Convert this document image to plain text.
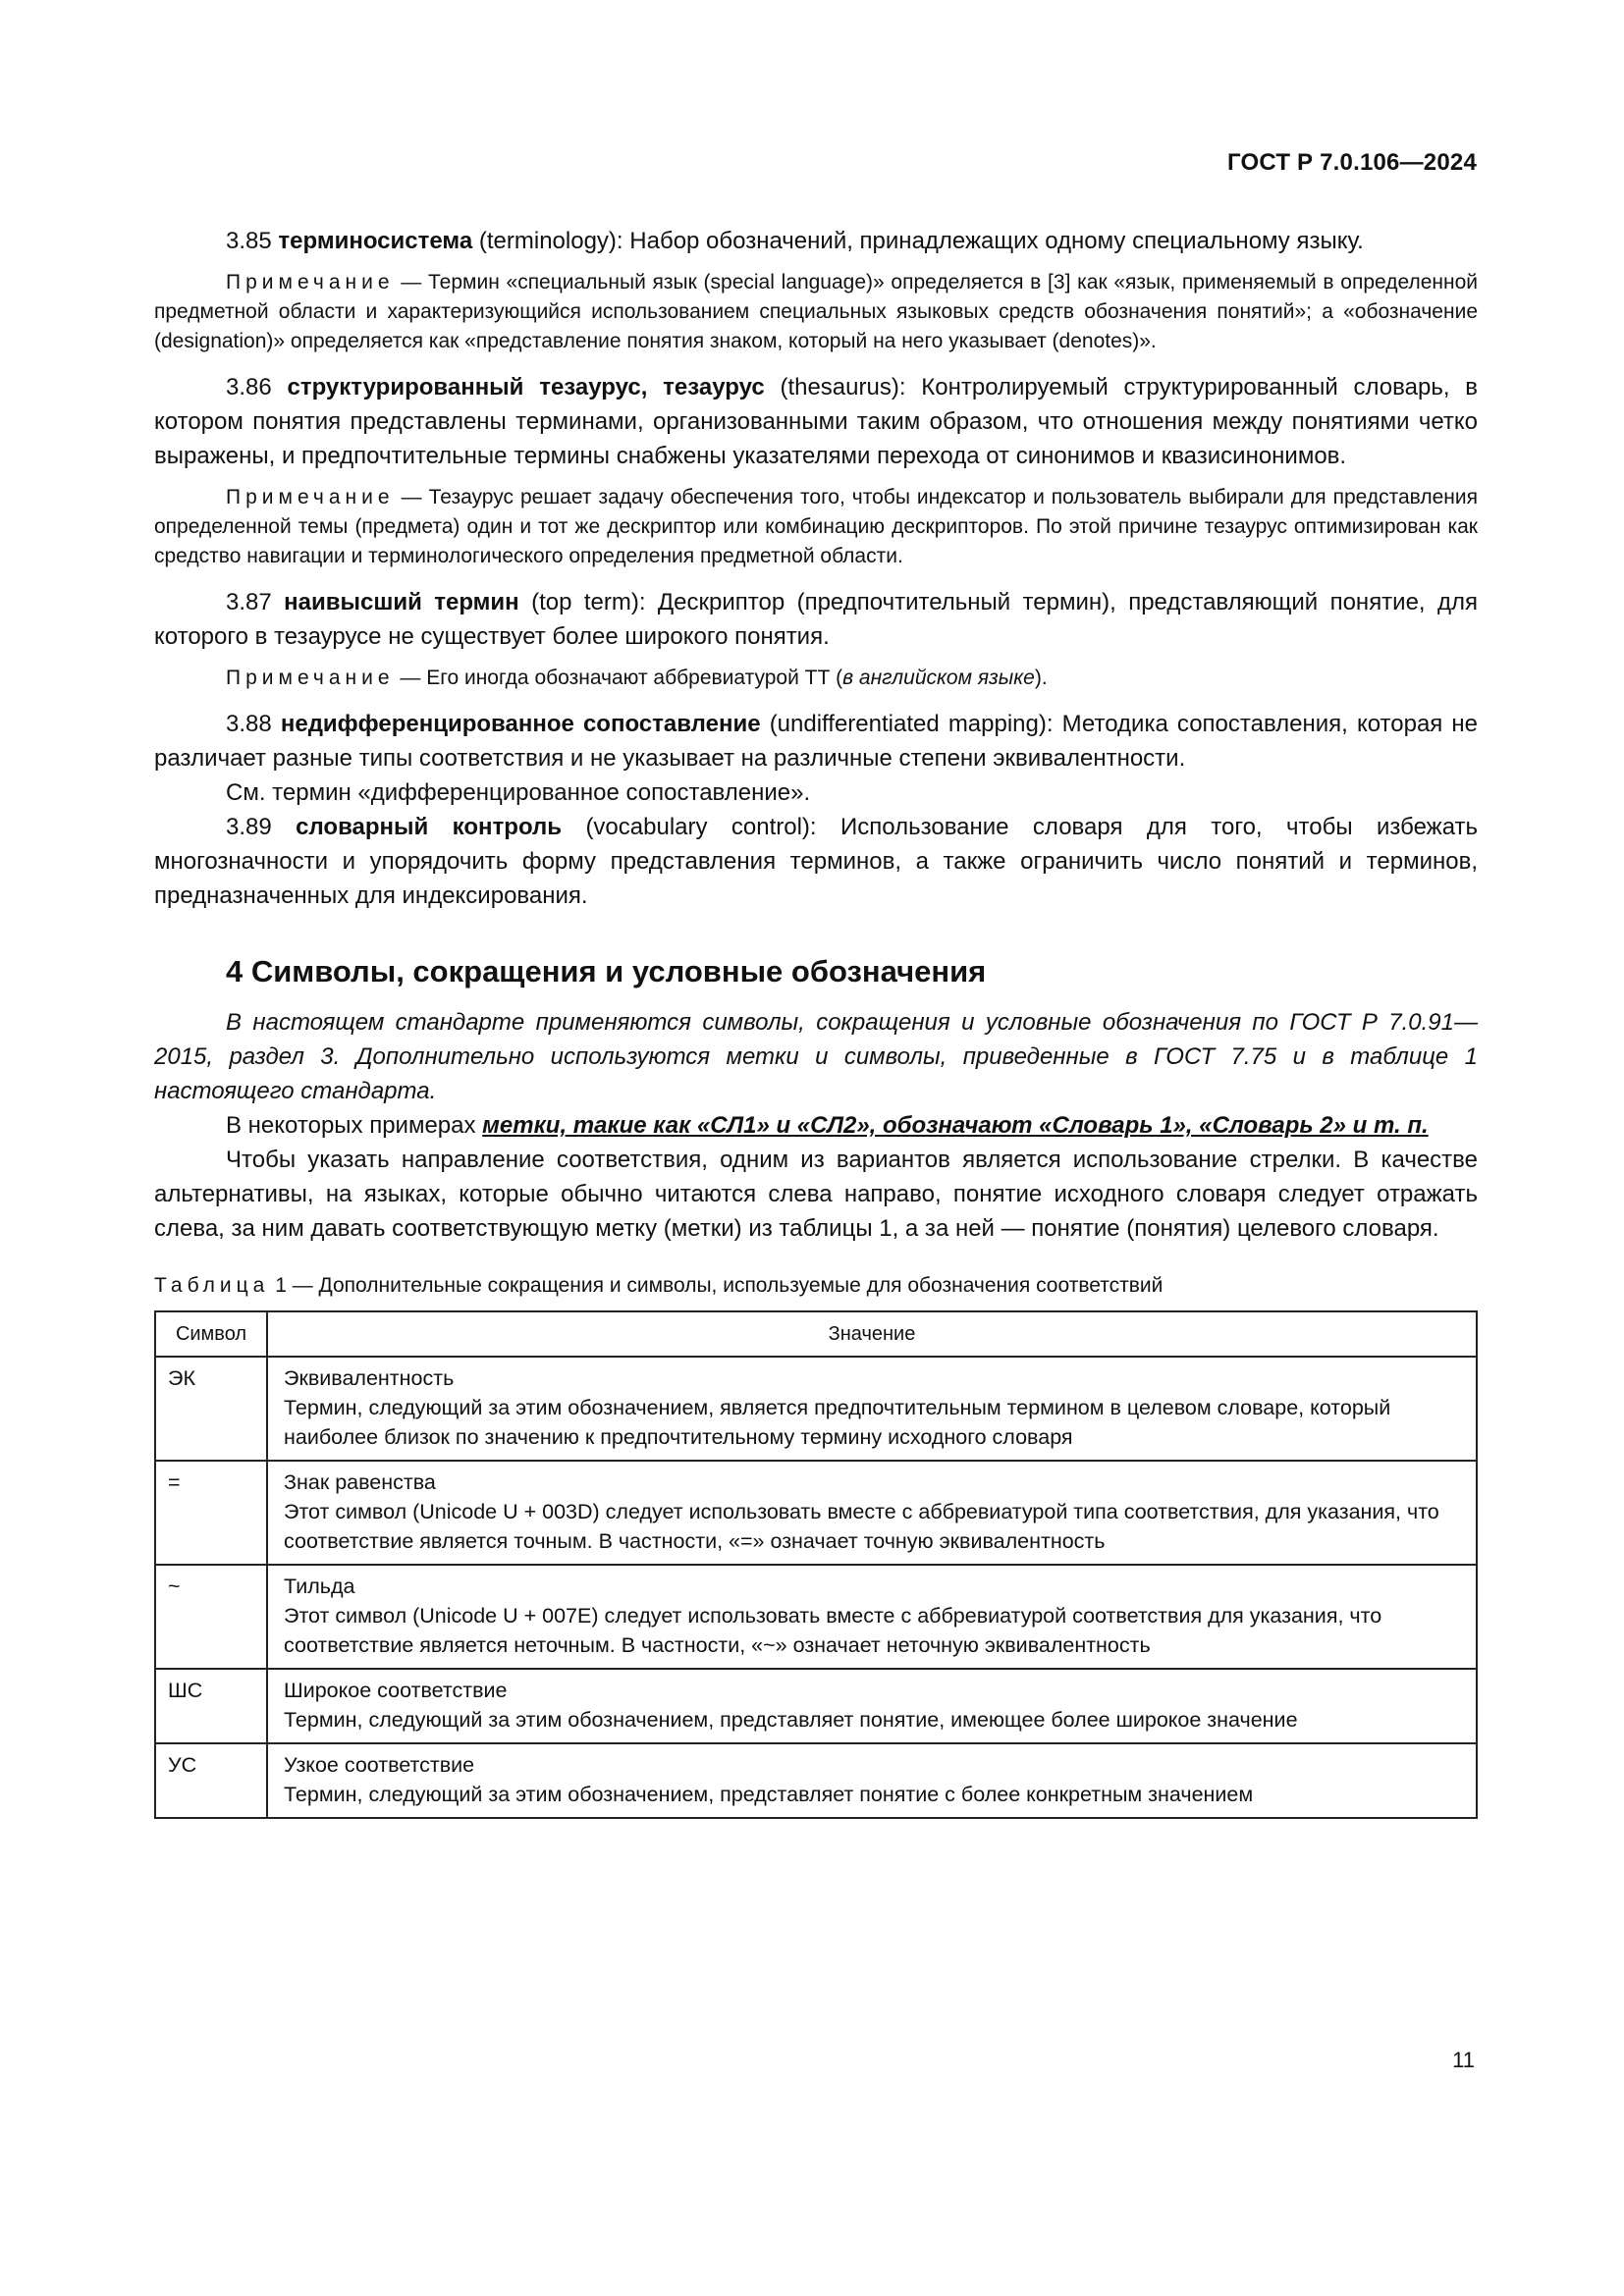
ГОСТ Р 7.0.106—2024

3.85 терминосистема (terminology): Набор обозначений, принадлежащих одному специальному языку.

Примечание — Термин «специальный язык (special language)» определяется в [3] как «язык, применяемый в определенной предметной области и характеризующийся использованием специальных языковых средств обозначения понятий»; а «обозначение (designation)» определяется как «представление понятия знаком, который на него указывает (denotes)».

3.86 структурированный тезаурус, тезаурус (thesaurus): Контролируемый структурированный словарь, в котором понятия представлены терминами, организованными таким образом, что отношения между понятиями четко выражены, и предпочтительные термины снабжены указателями перехода от синонимов и квазисинонимов.

Примечание — Тезаурус решает задачу обеспечения того, чтобы индексатор и пользователь выбирали для представления определенной темы (предмета) один и тот же дескриптор или комбинацию дескрипторов. По этой причине тезаурус оптимизирован как средство навигации и терминологического определения предметной области.

3.87 наивысший термин (top term): Дескриптор (предпочтительный термин), представляющий понятие, для которого в тезаурусе не существует более широкого понятия.

Примечание — Его иногда обозначают аббревиатурой ТТ (в английском языке).

3.88 недифференцированное сопоставление (undifferentiated mapping): Методика сопоставления, которая не различает разные типы соответствия и не указывает на различные степени эквивалентности.

См. термин «дифференцированное сопоставление».

3.89 словарный контроль (vocabulary control): Использование словаря для того, чтобы избежать многозначности и упорядочить форму представления терминов, а также ограничить число понятий и терминов, предназначенных для индексирования.

4 Символы, сокращения и условные обозначения

В настоящем стандарте применяются символы, сокращения и условные обозначения по ГОСТ Р 7.0.91—2015, раздел 3. Дополнительно используются метки и символы, приведенные в ГОСТ 7.75 и в таблице 1 настоящего стандарта.

В некоторых примерах метки, такие как «СЛ1» и «СЛ2», обозначают «Словарь 1», «Словарь 2» и т. п.

Чтобы указать направление соответствия, одним из вариантов является использование стрелки. В качестве альтернативы, на языках, которые обычно читаются слева направо, понятие исходного словаря следует отражать слева, за ним давать соответствующую метку (метки) из таблицы 1, а за ней — понятие (понятия) целевого словаря.

Таблица 1 — Дополнительные сокращения и символы, используемые для обозначения соответствий
Символ	Значение
ЭК	Эквивалентность
Термин, следующий за этим обозначением, является предпочтительным термином в целевом словаре, который наиболее близок по значению к предпочтительному термину исходного словаря

=	Знак равенства
Этот символ (Unicode U + 003D) следует использовать вместе с аббревиатурой типа соответствия, для указания, что соответствие является точным. В частности, «=» означает точную эквивалентность

~	Тильда
Этот символ (Unicode U + 007E) следует использовать вместе с аббревиатурой соответствия для указания, что соответствие является неточным. В частности, «~» означает неточную эквивалентность

ШС	Широкое соответствие
Термин, следующий за этим обозначением, представляет понятие, имеющее более широкое значение

УС	Узкое соответствие
Термин, следующий за этим обозначением, представляет понятие с более конкретным значением
11
